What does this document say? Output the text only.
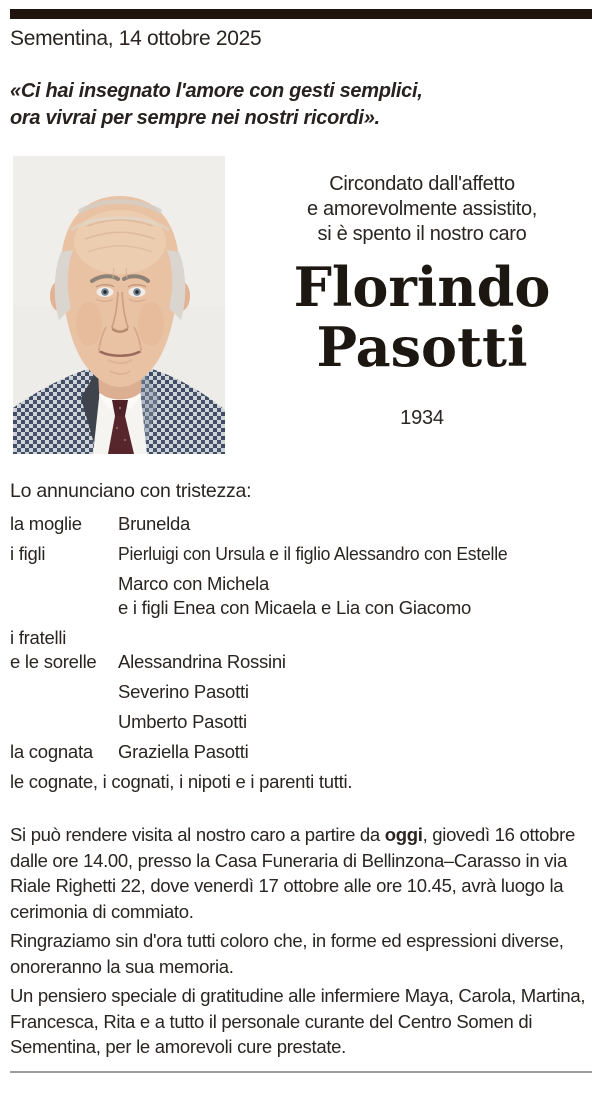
Sementina, 14 ottobre 2025
«Ci hai insegnato l'amore con gesti semplici,
ora vivrai per sempre nei nostri ricordi».
Circondato dall'affetto
e amorevolmente assistito,
si è spento il nostro caro
Florindo
Pasotti
1934
Lo annunciano con tristezza:
la moglie	Brunelda
i figli	Pierluigi con Ursula e il figlio Alessandro con Estelle
Marco con Michela
e i figli Enea con Micaela e Lia con Giacomo
i fratelli
e le sorelle	Alessandrina Rossini
Severino Pasotti
Umberto Pasotti
la cognata	Graziella Pasotti
le cognate, i cognati, i nipoti e i parenti tutti.

Si può rendere visita al nostro caro a partire da oggi, giovedì 16 ottobre dalle ore 14.00, presso la Casa Funeraria di Bellinzona–Carasso in via Riale Righetti 22, dove venerdì 17 ottobre alle ore 10.45, avrà luogo la cerimonia di commiato.

Ringraziamo sin d'ora tutti coloro che, in forme ed espressioni diverse, onoreranno la sua memoria.

Un pensiero speciale di gratitudine alle infermiere Maya, Carola, Martina, Francesca, Rita e a tutto il personale curante del Centro Somen di Sementina, per le amorevoli cure prestate.
